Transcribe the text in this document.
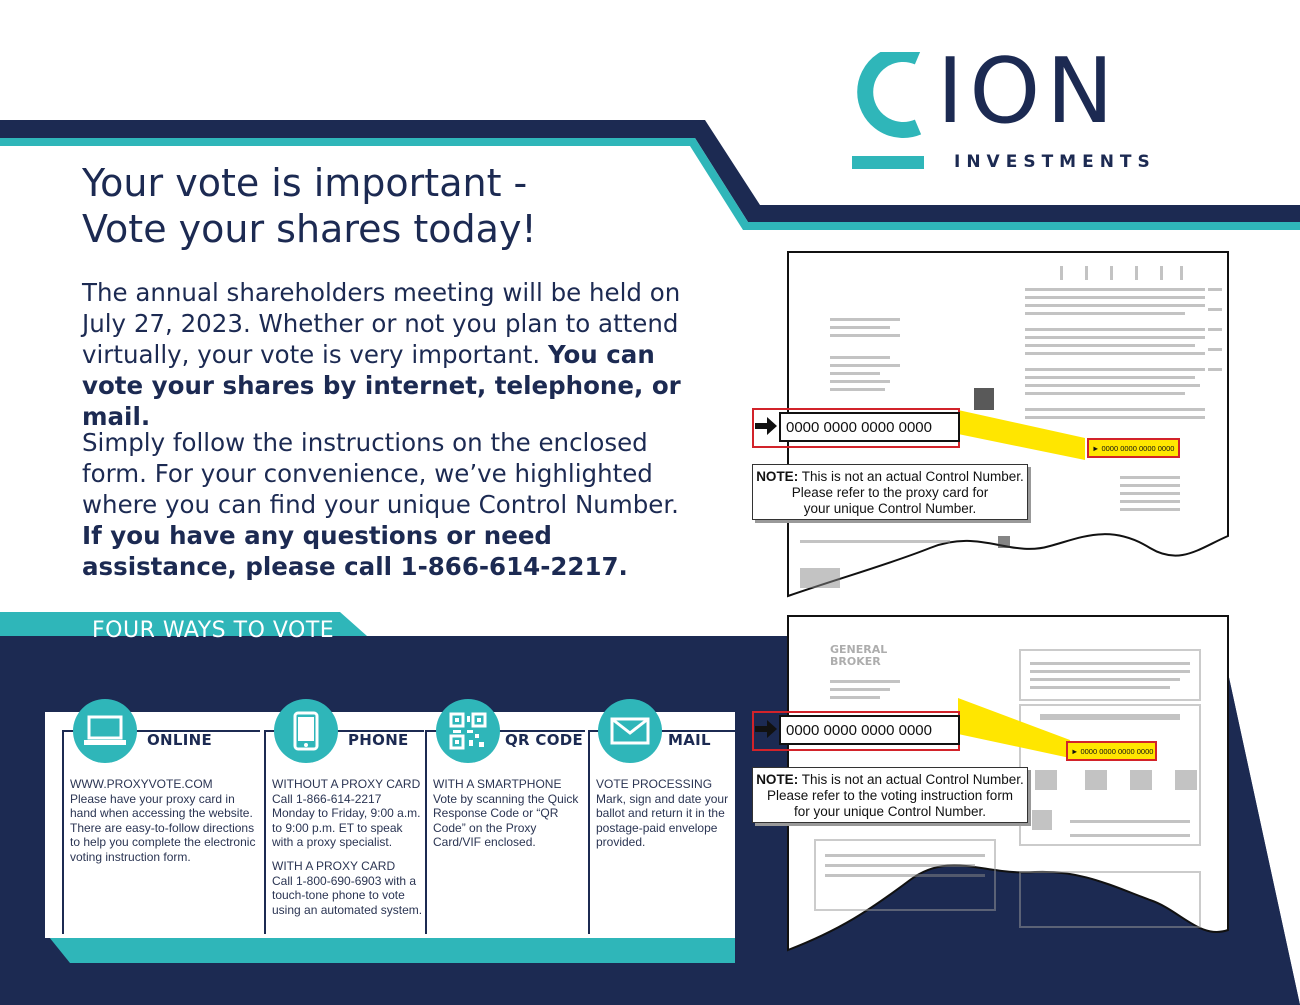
ION
INVESTMENTS
Your vote is important -
Vote your shares today!

The annual shareholders meeting will be held on July 27, 2023. Whether or not you plan to attend virtually, your vote is very important. You can vote your shares by internet, telephone, or mail.

Simply follow the instructions on the enclosed form. For your convenience, we’ve highlighted where you can find your unique Control Number. If you have any questions or need assistance, please call 1-866-614-2217.

FOUR WAYS TO VOTE
ONLINE
WWW.PROXYVOTE.COM
Please have your proxy card in hand when accessing the website. There are easy-to-follow directions to help you complete the electronic voting instruction form.
PHONE
WITHOUT A PROXY CARD
Call 1-866-614-2217 Monday to Friday, 9:00 a.m. to 9:00 p.m. ET to speak with a proxy specialist.
WITH A PROXY CARD
Call 1-800-690-6903 with a touch-tone phone to vote using an automated system.
QR CODE
WITH A SMARTPHONE
Vote by scanning the Quick Response Code or “QR Code” on the Proxy Card/VIF enclosed.
MAIL
VOTE PROCESSING
Mark, sign and date your ballot and return it in the postage-paid envelope provided.
0000 0000 0000 0000
► 0000 0000 0000 0000
NOTE: This is not an actual Control Number.
Please refer to the proxy card for
your unique Control Number.
GENERAL BROKER
0000 0000 0000 0000
► 0000 0000 0000 0000
NOTE: This is not an actual Control Number.
Please refer to the voting instruction form
for your unique Control Number.
